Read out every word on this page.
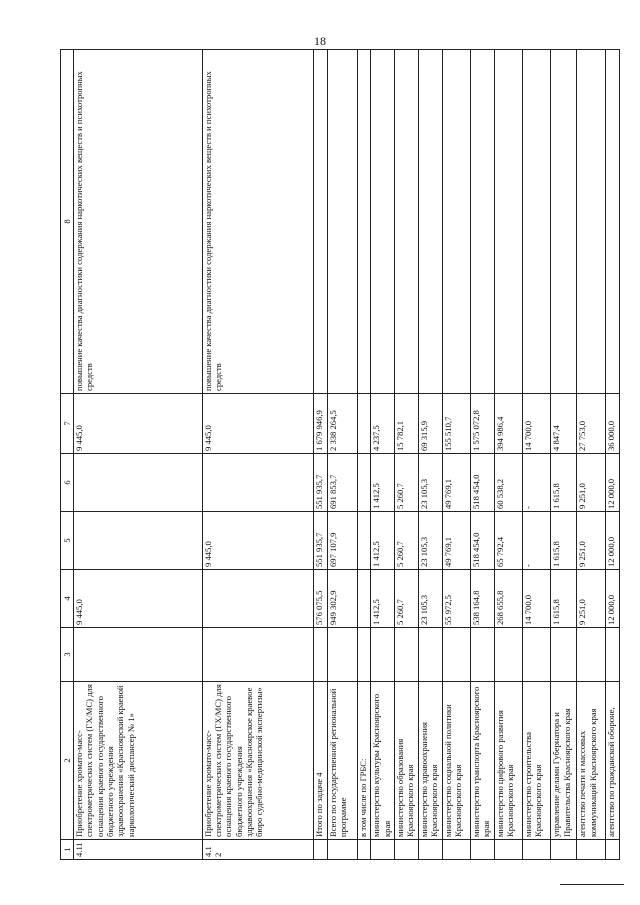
18
1	2	3	4	5	6	7	8
4.11	Приобретение хромато-масс-спектрометрических систем (ГХ/МС) для оснащения краевого государственного бюджетного учреждения здравоохранения «Красноярский краевой наркологический диспансер № 1»		9 445,0			9 445,0	повышение качества диагностики содержания наркотических веществ и психотропных средств
4.12	Приобретение хромато-масс-спектрометрических систем (ГХ/МС) для оснащения краевого государственного бюджетного учреждения здравоохранения «Красноярское краевое бюро судебно-медицинской экспертизы»			9 445,0		9 445,0	повышение качества диагностики содержания наркотических веществ и психотропных средств
	Итого по задаче 4		576 075,5	551 935,7	551 935,7	1 679 946,9	
	Всего по государственной региональной программе		949 302,9	697 107,9	691 853,7	2 338 264,5	
	в том числе по ГРБС:						
	министерство культуры Красноярского края		1 412,5	1 412,5	1 412,5	4 237,5	
	министерство образования Красноярского края		5 260,7	5 260,7	5 260,7	15 782,1	
	министерство здравоохранения Красноярского края		23 105,3	23 105,3	23 105,3	69 315,9	
	министерство социальной политики Красноярского края		55 972,5	49 769,1	49 769,1	155 510,7	
	министерство транспорта Красноярского края		538 164,8	518 454,0	518 454,0	1 575 072,8	
	министерство цифрового развития Красноярского края		268 655,8	65 792,4	60 538,2	394 986,4	
	министерство строительства Красноярского края		14 700,0	-	-	14 700,0	
	управление делами Губернатора и Правительства Красноярского края		1 615,8	1 615,8	1 615,8	4 847,4	
	агентство печати и массовых коммуникаций Красноярского края		9 251,0	9 251,0	9 251,0	27 753,0	
	агентство по гражданской обороне,		12 000,0	12 000,0	12 000,0	36 000,0	
